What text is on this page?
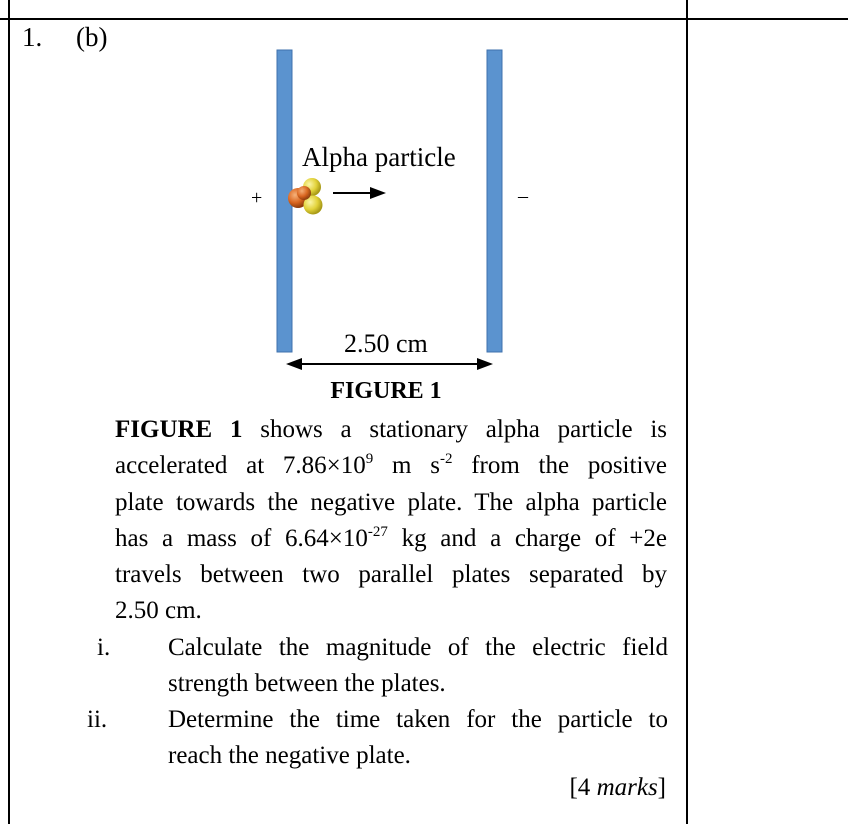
1. (b)
+	–
Alpha particle
2.50 cm
FIGURE 1
FIGURE 1 shows a stationary alpha particle is
accelerated at $7.86\times 10^9$ m $s^{-2}$ from the positive
plate towards the negative plate. The alpha particle
has a mass of $6.64\times 10^{-27}$ kg and a charge of +2e
travels between two parallel plates separated by
2.50 cm.
i. Calculate the magnitude of the electric field
strength between the plates.
ii. Determine the time taken for the particle to
reach the negative plate.
[4 marks]
